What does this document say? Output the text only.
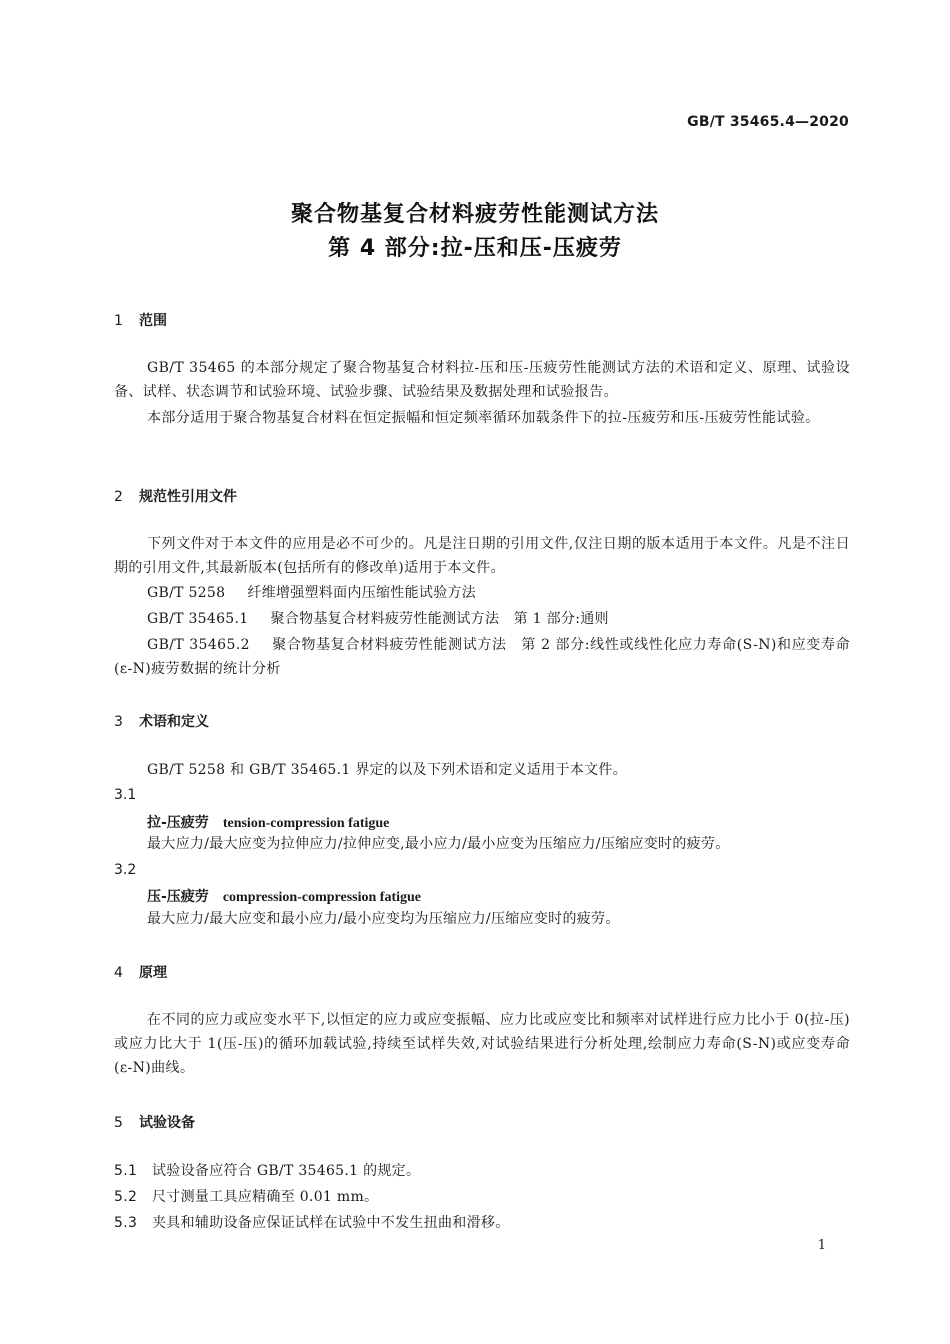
GB/T 35465.4—2020
聚合物基复合材料疲劳性能测试方法
第 4 部分:拉-压和压-压疲劳
1 范围
GB/T 35465 的本部分规定了聚合物基复合材料拉-压和压-压疲劳性能测试方法的术语和定义、原理、试验设备、试样、状态调节和试验环境、试验步骤、试验结果及数据处理和试验报告。
本部分适用于聚合物基复合材料在恒定振幅和恒定频率循环加载条件下的拉-压疲劳和压-压疲劳性能试验。
2 规范性引用文件
下列文件对于本文件的应用是必不可少的。凡是注日期的引用文件,仅注日期的版本适用于本文件。凡是不注日期的引用文件,其最新版本(包括所有的修改单)适用于本文件。
GB/T 5258 纤维增强塑料面内压缩性能试验方法
GB/T 35465.1 聚合物基复合材料疲劳性能测试方法　第 1 部分:通则
GB/T 35465.2 聚合物基复合材料疲劳性能测试方法　第 2 部分:线性或线性化应力寿命(S-N)和应变寿命(ε-N)疲劳数据的统计分析
3 术语和定义
GB/T 5258 和 GB/T 35465.1 界定的以及下列术语和定义适用于本文件。
3.1
拉-压疲劳 tension-compression fatigue
最大应力/最大应变为拉伸应力/拉伸应变,最小应力/最小应变为压缩应力/压缩应变时的疲劳。
3.2
压-压疲劳 compression-compression fatigue
最大应力/最大应变和最小应力/最小应变均为压缩应力/压缩应变时的疲劳。
4 原理
在不同的应力或应变水平下,以恒定的应力或应变振幅、应力比或应变比和频率对试样进行应力比小于 0(拉-压)或应力比大于 1(压-压)的循环加载试验,持续至试样失效,对试验结果进行分析处理,绘制应力寿命(S-N)或应变寿命(ε-N)曲线。
5 试验设备
5.1 试验设备应符合 GB/T 35465.1 的规定。
5.2 尺寸测量工具应精确至 0.01 mm。
5.3 夹具和辅助设备应保证试样在试验中不发生扭曲和滑移。
1
